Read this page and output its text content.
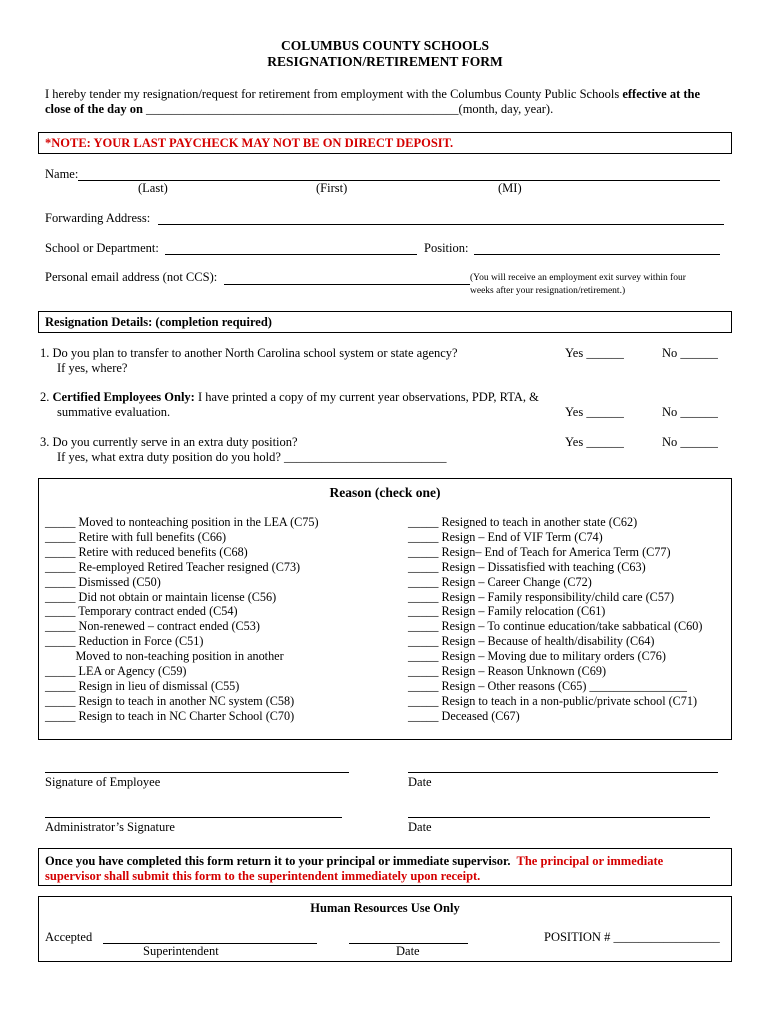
COLUMBUS COUNTY SCHOOLS
RESIGNATION/RETIREMENT FORM
I hereby tender my resignation/request for retirement from employment with the Columbus County Public Schools effective at the
close of the day on __________________________________________________(month, day, year).
*NOTE: YOUR LAST PAYCHECK MAY NOT BE ON DIRECT DEPOSIT.
Name:
(Last)	(First)	(MI)
Forwarding Address:
School or Department:	Position:
Personal email address (not CCS):	(You will receive an employment exit survey within four
weeks after your resignation/retirement.)
Resignation Details: (completion required)
1. Do you plan to transfer to another North Carolina school system or state agency?
If yes, where?
Yes ______	No ______
2. Certified Employees Only: I have printed a copy of my current year observations, PDP, RTA, &
summative evaluation.	Yes ______	No ______
3. Do you currently serve in an extra duty position?
If yes, what extra duty position do you hold? __________________________
Yes ______	No ______
Reason (check one)
_____ Moved to nonteaching position in the LEA (C75)
_____ Retire with full benefits (C66)
_____ Retire with reduced benefits (C68)
_____ Re-employed Retired Teacher resigned (C73)
_____ Dismissed (C50)
_____ Did not obtain or maintain license (C56)
_____ Temporary contract ended (C54)
_____ Non-renewed – contract ended (C53)
_____ Reduction in Force (C51)
Moved to non-teaching position in another
_____ LEA or Agency (C59)
_____ Resign in lieu of dismissal (C55)
_____ Resign to teach in another NC system (C58)
_____ Resign to teach in NC Charter School (C70)
_____ Resigned to teach in another state (C62)
_____ Resign – End of VIF Term (C74)
_____ Resign– End of Teach for America Term (C77)
_____ Resign – Dissatisfied with teaching (C63)
_____ Resign – Career Change (C72)
_____ Resign – Family responsibility/child care (C57)
_____ Resign – Family relocation (C61)
_____ Resign – To continue education/take sabbatical (C60)
_____ Resign – Because of health/disability (C64)
_____ Resign – Moving due to military orders (C76)
_____ Resign – Reason Unknown (C69)
_____ Resign – Other reasons (C65) ________________
_____ Resign to teach in a non-public/private school (C71)
_____ Deceased (C67)
Signature of Employee	Date
Administrator’s Signature	Date
Once you have completed this form return it to your principal or immediate supervisor. The principal or immediate
supervisor shall submit this form to the superintendent immediately upon receipt.
Human Resources Use Only
Accepted
Superintendent	Date
POSITION # _________________
